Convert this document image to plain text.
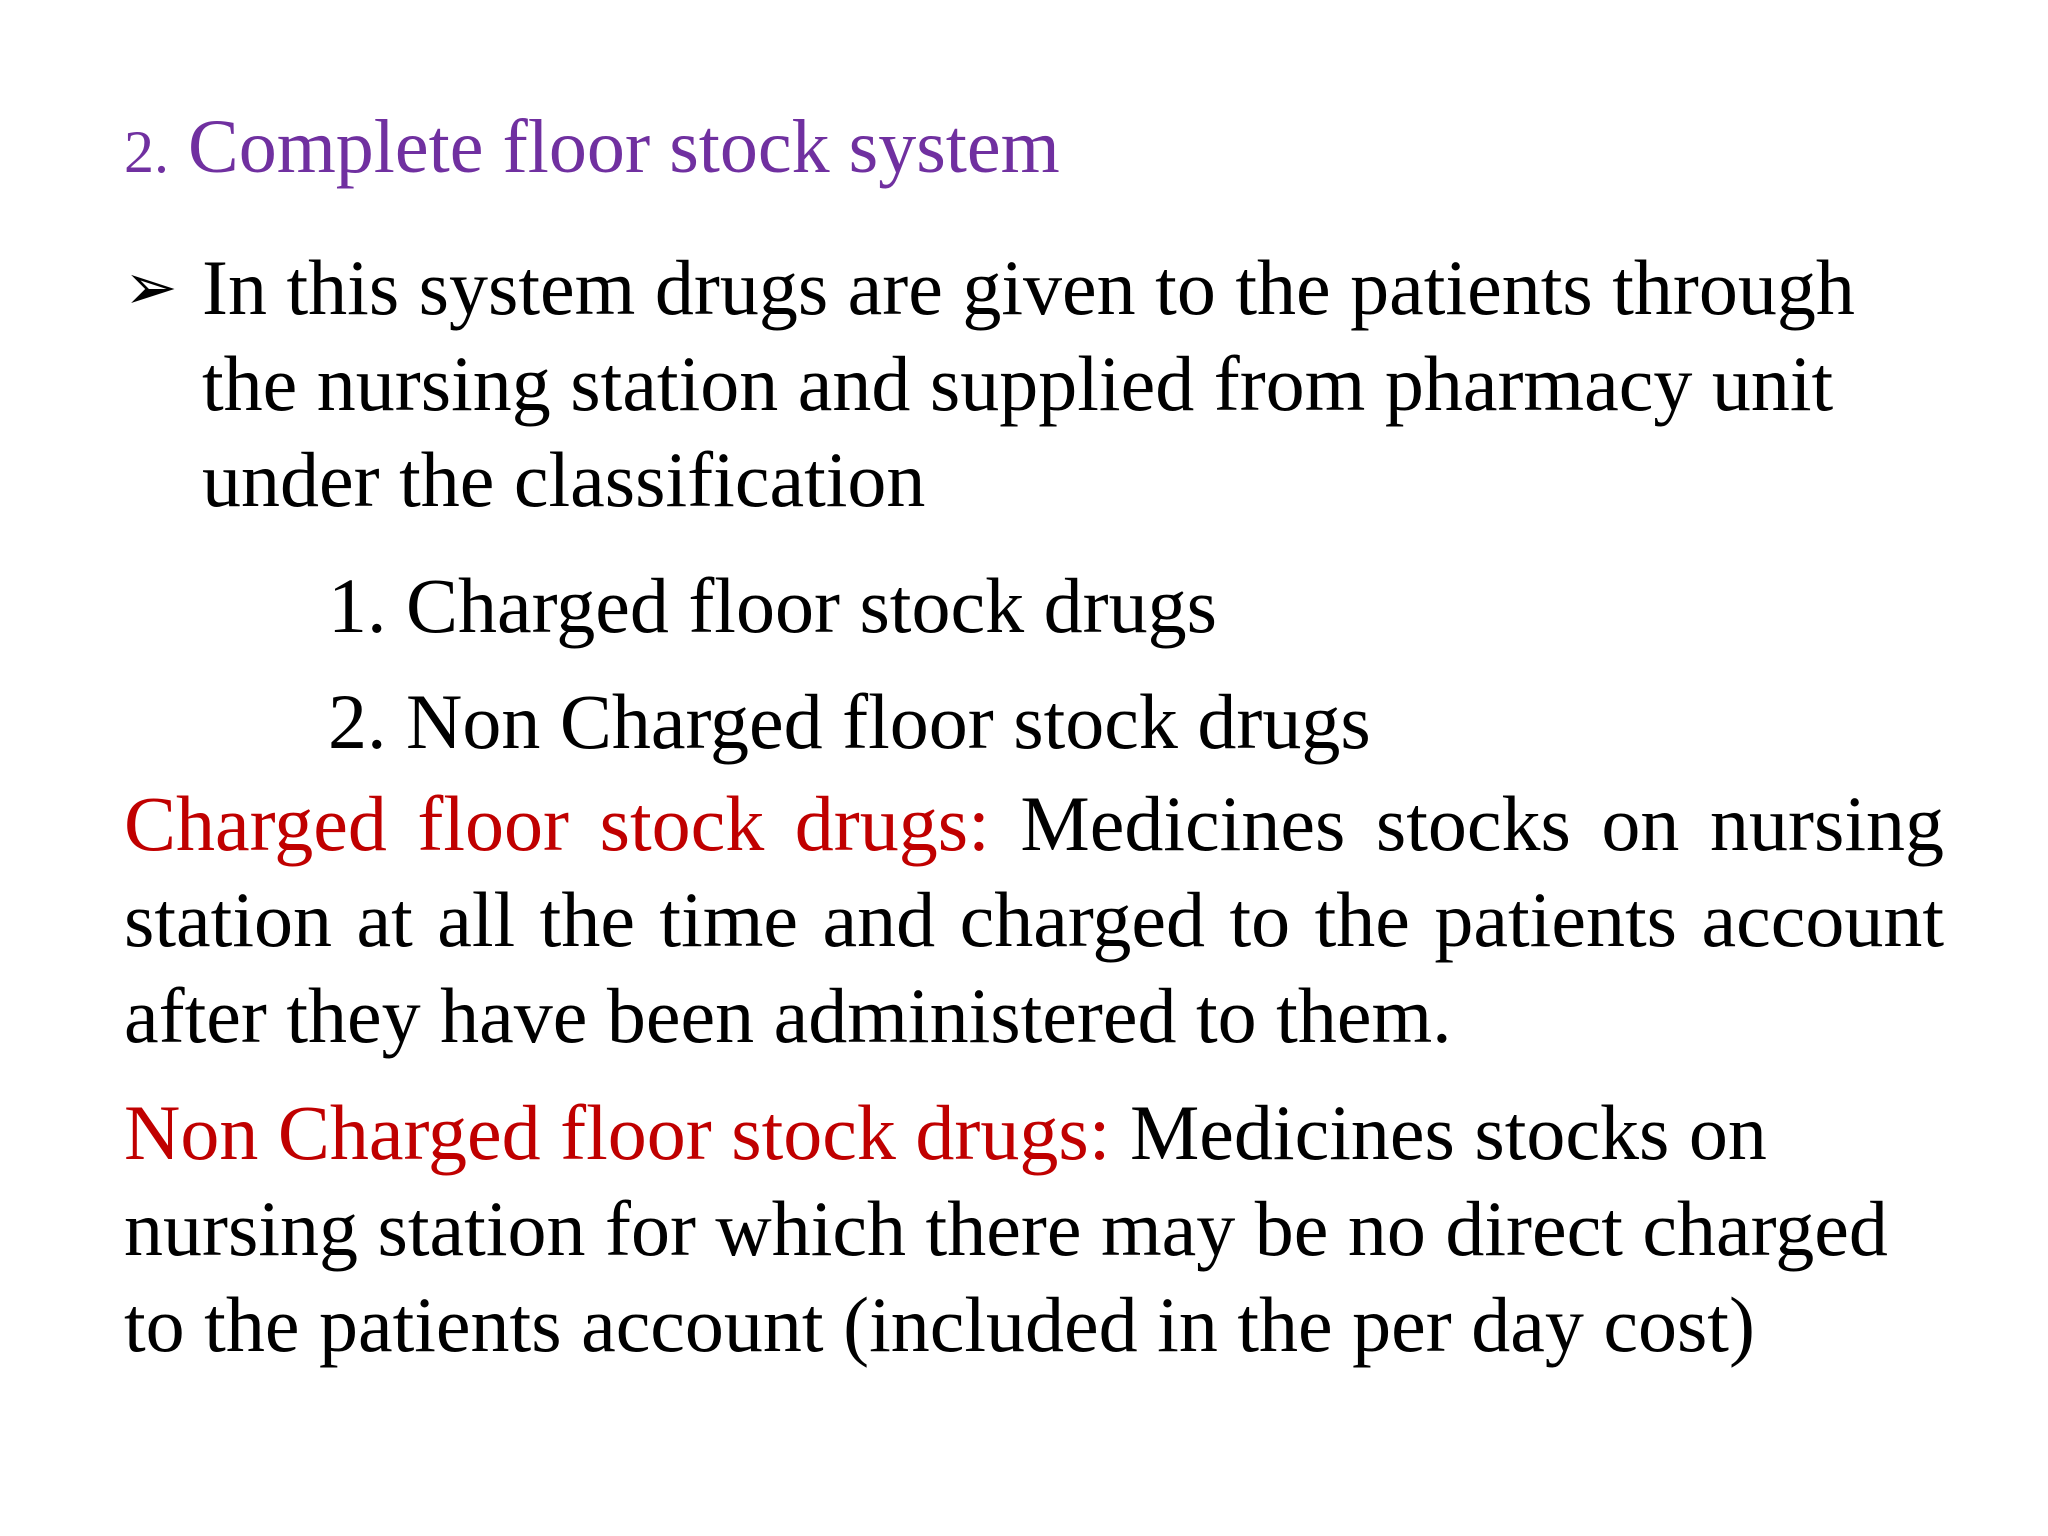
2. Complete floor stock system
➢ In this system drugs are given to the patients through the nursing station and supplied from pharmacy unit under the classification
1. Charged floor stock drugs
2. Non Charged floor stock drugs
Charged floor stock drugs: Medicines stocks on nursing station at all the time and charged to the patients account after they have been administered to them.
Non Charged floor stock drugs: Medicines stocks on nursing station for which there may be no direct charged to the patients account (included in the per day cost)
